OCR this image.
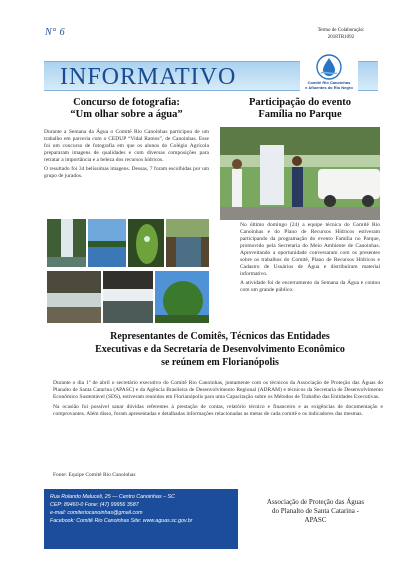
N° 6	Termo de Colaboração:
2018TR1092
INFORMATIVO	Comitê Rio Canoinhas
e Afluentes do Rio Negro
Concurso de fotografia:
“Um olhar sobre a água”

Durante a Semana da Água o Comitê Rio Canoinhas participou de um trabalho em parceria com o CEDUP “Vidal Ramos”, de Canoinhas. Esse foi um concurso de fotografia em que os alunos do Colégio Agrícola prepararam imagens de qualidades e com diversas composições para retratar a importância e a beleza dos recursos hídricos.

O resultado foi 34 belíssimas imagens. Dessas, 7 foram escolhidas por um grupo de jurados.

Participação do evento
Família no Parque

No último domingo (24) a equipe técnica do Comitê Rio Canoinhas e do Plano de Recursos Hídricos estiveram participando da programação do evento Família no Parque, promovido pela Secretaria do Meio Ambiente de Canoinhas. Aproveitando a oportunidade conversaram com os presentes sobre os trabalhos do Comitê, Plano de Recursos Hídricos e Cadastro de Usuários de Água e distribuíram material informativo.

A atividade foi de encerramento da Semana da Água e contou com um grande público.

Representantes de Comitês, Técnicos das Entidades
Executivas e da Secretaria de Desenvolvimento Econômico
se reúnem em Florianópolis

Durante o dia 1º de abril o secretário executivo do Comitê Rio Canoinhas, juntamente com os técnicos da Associação de Proteção das Águas do Planalto de Santa Catarina (APASC) e da Agência Brasileira de Desenvolvimento Regional (ADRAM) e técnicos da Secretaria de Desenvolvimento Econômico Sustentável (SDS), estiveram reunidos em Florianópolis para uma Capacitação sobre os Métodos de Trabalho das Entidades Executivas.

Na ocasião foi possível sanar dúvidas referentes à prestação de contas, relatório técnico e financeiro e as exigências de documentação e comprovantes. Além disso, foram apresentadas e detalhadas informações relacionadas as metas de cada comitê e os indicadores das mesmas.

Fonte: Equipe Comitê Rio Canoinhas
Rua Rolando Maluceli, 25 — Centro Canoinhas – SC
CEP: 89460-0 Fone: (47) 99956 3587
e-mail: comiteriocanoinhas@gmail.com
Facebook: Comitê Rio Canoinhas Site: www.aguas.sc.gov.br
Associação de Proteção das Águas
do Planalto de Santa Catarina -
APASC
